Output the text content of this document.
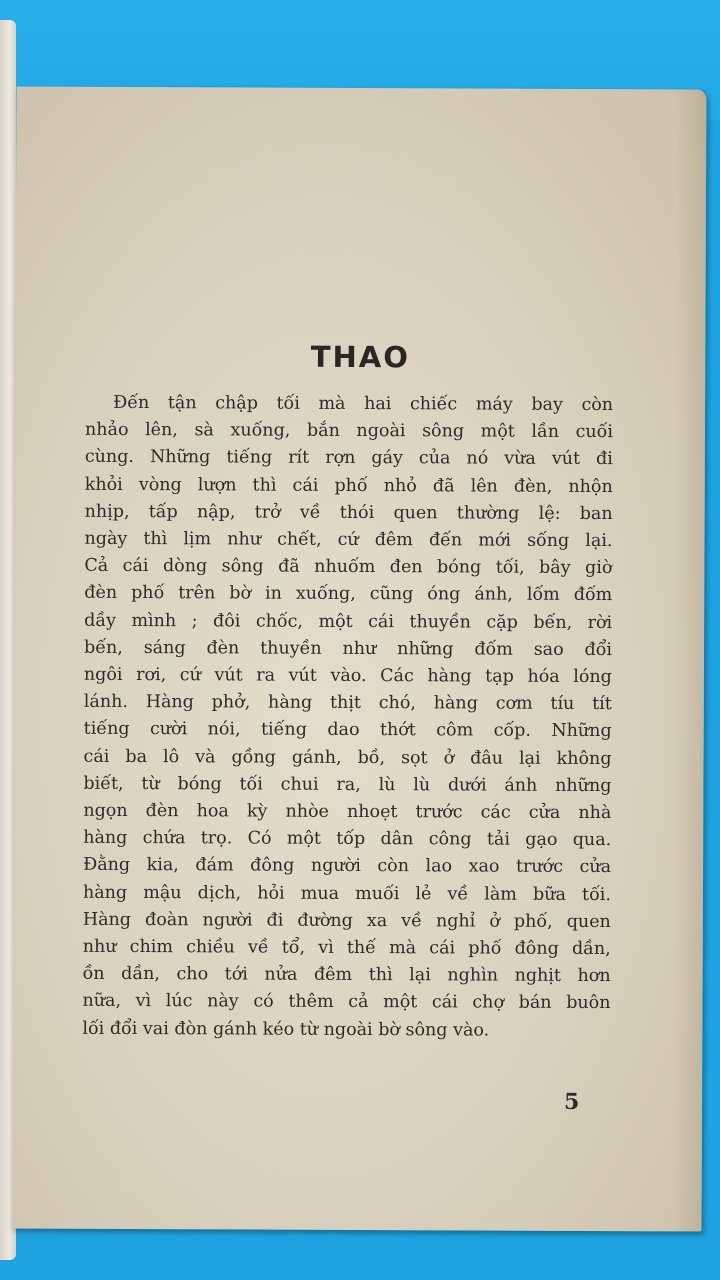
THAO
Đến tận chập tối mà hai chiếc máy bay còn
nhảo lên, sà xuống, bắn ngoài sông một lần cuối
cùng. Những tiếng rít rợn gáy của nó vừa vút đi
khỏi vòng lượn thì cái phố nhỏ đã lên đèn, nhộn
nhịp, tấp nập, trở về thói quen thường lệ: ban
ngày thì lịm như chết, cứ đêm đến mới sống lại.
Cả cái dòng sông đã nhuốm đen bóng tối, bây giờ
đèn phố trên bờ in xuống, cũng óng ánh, lốm đốm
dầy mình ; đôi chốc, một cái thuyền cặp bến, rời
bến, sáng đèn thuyền như những đốm sao đổi
ngôi rơi, cứ vút ra vút vào. Các hàng tạp hóa lóng
lánh. Hàng phở, hàng thịt chó, hàng cơm tíu tít
tiếng cười nói, tiếng dao thớt côm cốp. Những
cái ba lô và gồng gánh, bồ, sọt ở đâu lại không
biết, từ bóng tối chui ra, lù lù dưới ánh những
ngọn đèn hoa kỳ nhòe nhoẹt trước các cửa nhà
hàng chứa trọ. Có một tốp dân công tải gạo qua.
Đằng kia, đám đông người còn lao xao trước cửa
hàng mậu dịch, hỏi mua muối lẻ về làm bữa tối.
Hàng đoàn người đi đường xa về nghỉ ở phố, quen
như chim chiều về tổ, vì thế mà cái phố đông dần,
ồn dần, cho tới nửa đêm thì lại nghìn nghịt hơn
nữa, vì lúc này có thêm cả một cái chợ bán buôn
lối đổi vai đòn gánh kéo từ ngoài bờ sông vào.
5
